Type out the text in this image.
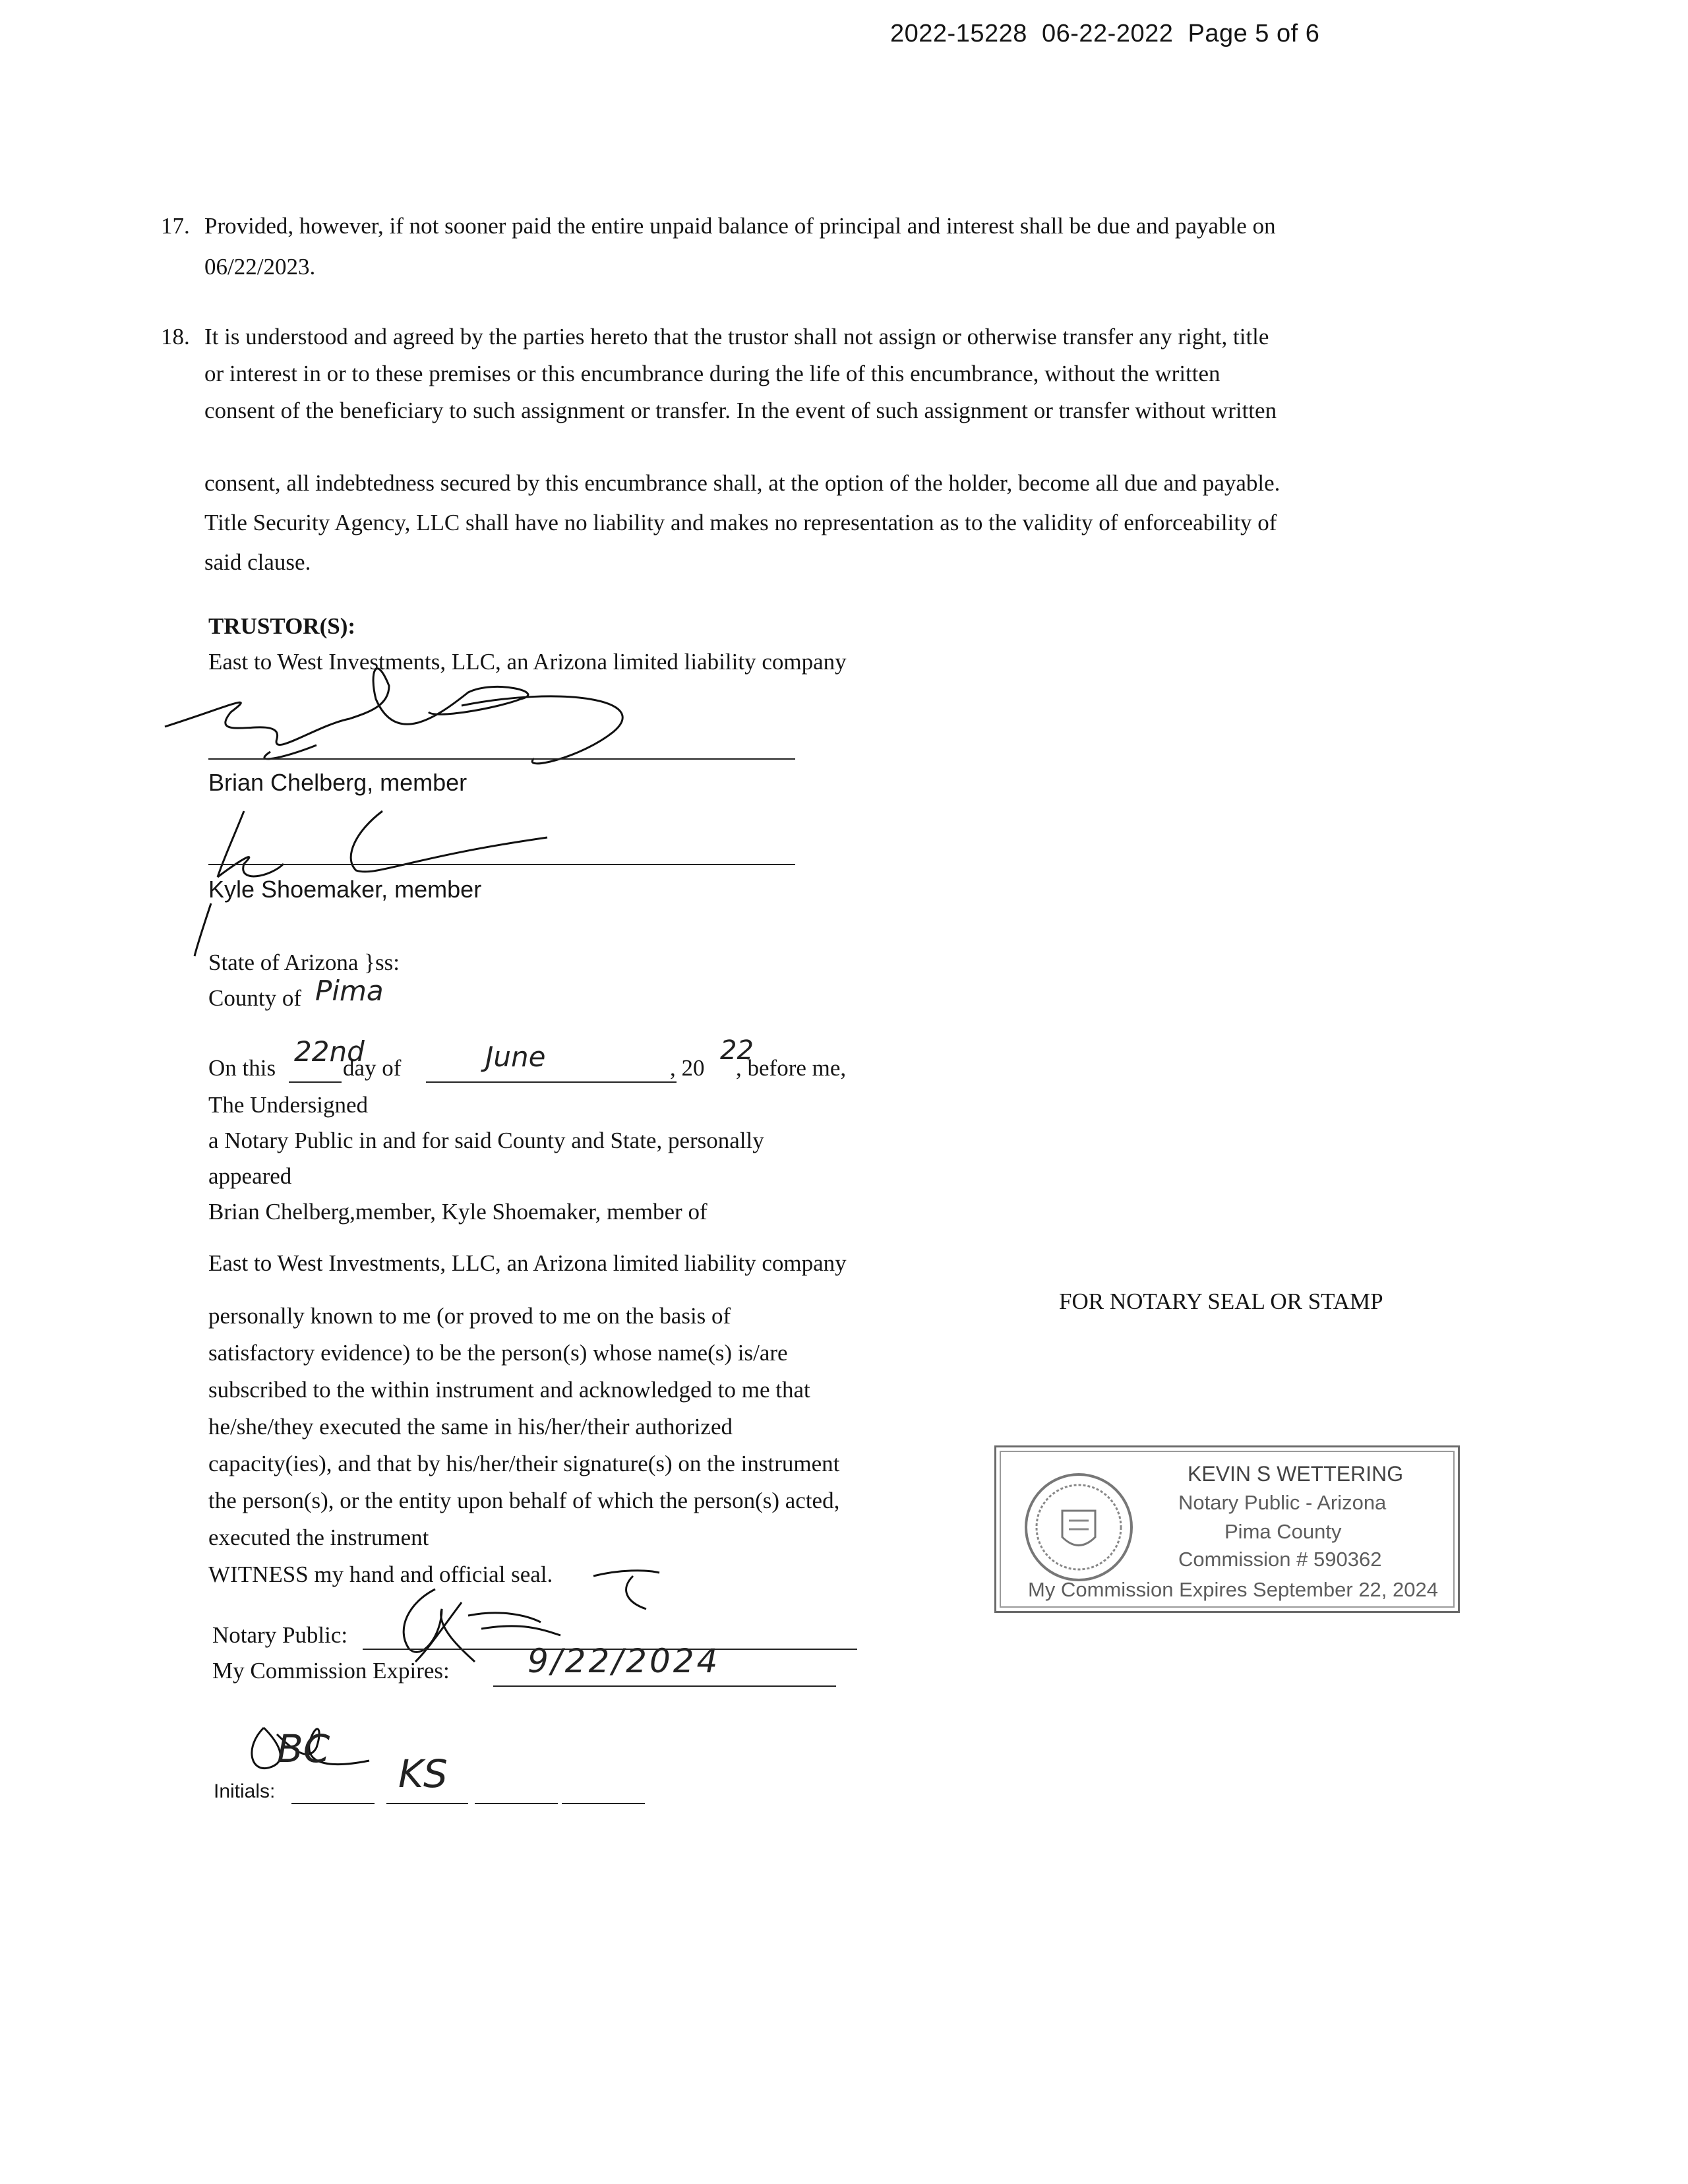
2022-15228  06-22-2022  Page 5 of 6
17. Provided, however, if not sooner paid the entire unpaid balance of principal and interest shall be due and payable on
06/22/2023.
18. It is understood and agreed by the parties hereto that the trustor shall not assign or otherwise transfer any right, title
or interest in or to these premises or this encumbrance during the life of this encumbrance, without the written
consent of the beneficiary to such assignment or transfer. In the event of such assignment or transfer without written
consent, all indebtedness secured by this encumbrance shall, at the option of the holder, become all due and payable.
Title Security Agency, LLC shall have no liability and makes no representation as to the validity of enforceability of
said clause.
TRUSTOR(S):
East to West Investments, LLC, an Arizona limited liability company
Brian Chelberg, member
Kyle Shoemaker, member
State of Arizona }ss:
County of Pima
On this
22nd
day of	June	, 20
22
, before me,
The Undersigned
a Notary Public in and for said County and State, personally
appeared
Brian Chelberg,member, Kyle Shoemaker, member of
East to West Investments, LLC, an Arizona limited liability company
personally known to me (or proved to me on the basis of
satisfactory evidence) to be the person(s) whose name(s) is/are
subscribed to the within instrument and acknowledged to me that
he/she/they executed the same in his/her/their authorized
capacity(ies), and that by his/her/their signature(s) on the instrument
the person(s), or the entity upon behalf of which the person(s) acted,
executed the instrument
WITNESS my hand and official seal.
FOR NOTARY SEAL OR STAMP
Notary Public:
My Commission Expires: 9/22/2024
KEVIN S WETTERING
Notary Public - Arizona
Pima County
Commission # 590362
My Commission Expires September 22, 2024
Initials:
BC
KS
